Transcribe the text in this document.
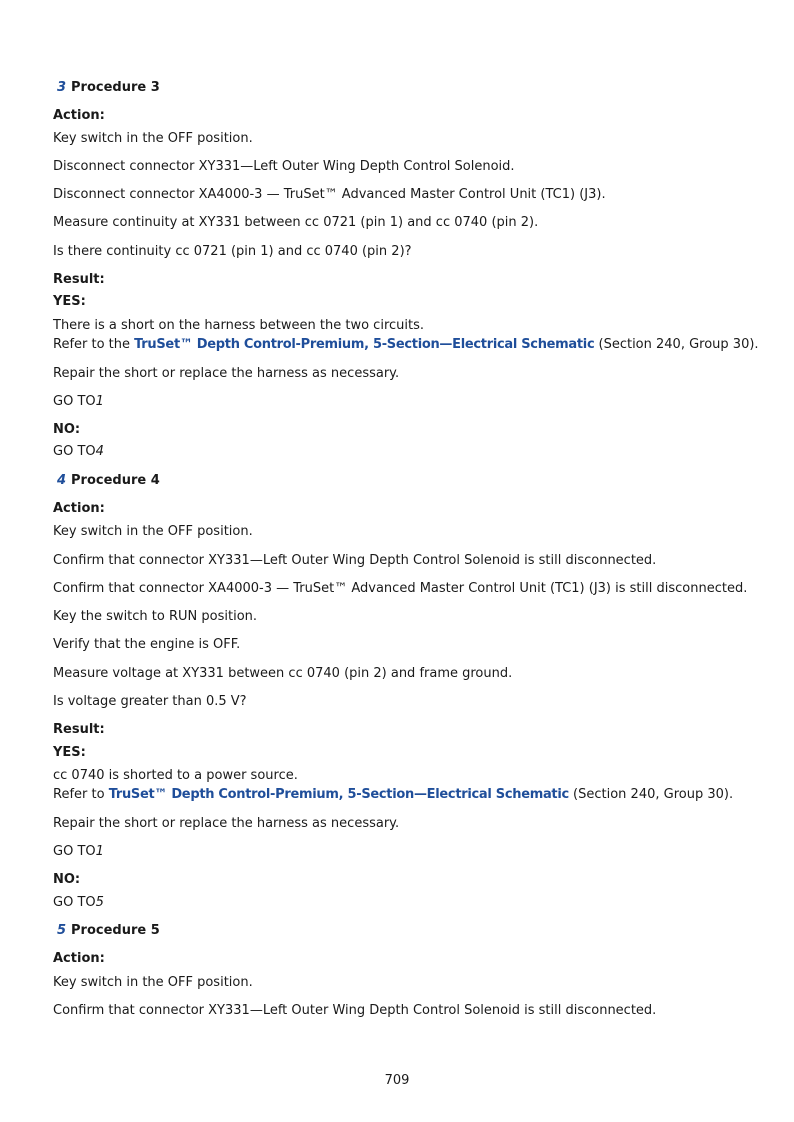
3 Procedure 3
Action:
Key switch in the OFF position.
Disconnect connector XY331—Left Outer Wing Depth Control Solenoid.
Disconnect connector XA4000-3 — TruSet™ Advanced Master Control Unit (TC1) (J3).
Measure continuity at XY331 between cc 0721 (pin 1) and cc 0740 (pin 2).
Is there continuity cc 0721 (pin 1) and cc 0740 (pin 2)?
Result:
YES:
There is a short on the harness between the two circuits.
Refer to the TruSet™ Depth Control-Premium, 5-Section—Electrical Schematic (Section 240, Group 30).
Repair the short or replace the harness as necessary.
GO TO1
NO:
GO TO4
4 Procedure 4
Action:
Key switch in the OFF position.
Confirm that connector XY331—Left Outer Wing Depth Control Solenoid is still disconnected.
Confirm that connector XA4000-3 — TruSet™ Advanced Master Control Unit (TC1) (J3) is still disconnected.
Key the switch to RUN position.
Verify that the engine is OFF.
Measure voltage at XY331 between cc 0740 (pin 2) and frame ground.
Is voltage greater than 0.5 V?
Result:
YES:
cc 0740 is shorted to a power source.
Refer to TruSet™ Depth Control-Premium, 5-Section—Electrical Schematic (Section 240, Group 30).
Repair the short or replace the harness as necessary.
GO TO1
NO:
GO TO5
5 Procedure 5
Action:
Key switch in the OFF position.
Confirm that connector XY331—Left Outer Wing Depth Control Solenoid is still disconnected.
709
